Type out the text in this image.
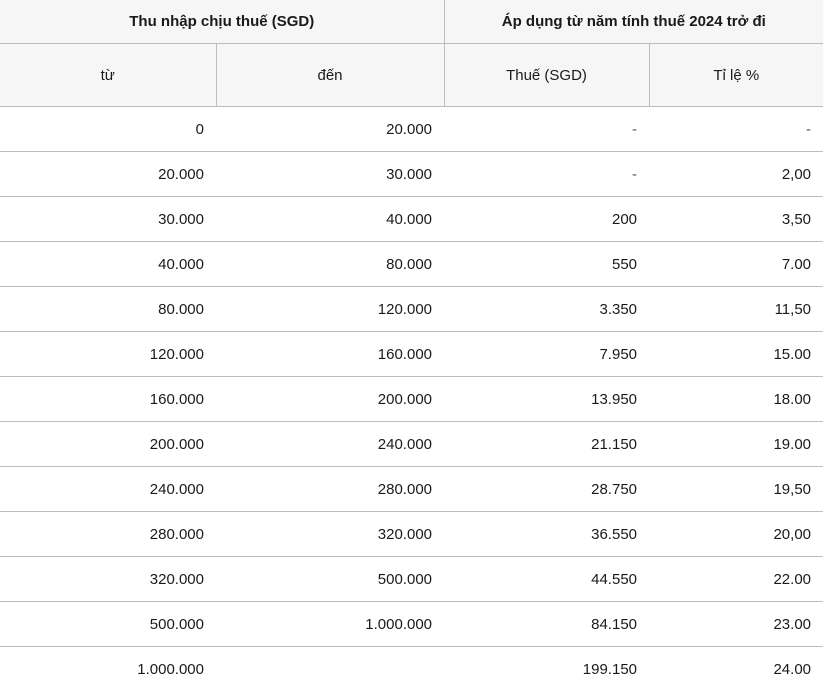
Thu nhập chịu thuế (SGD)		Áp dụng từ năm tính thuế 2024 trở đi	
từ	đến	Thuế (SGD)	Tỉ lệ %
0	20.000	-	-
20.000	30.000	-	2,00
30.000	40.000	200	3,50
40.000	80.000	550	7.00
80.000	120.000	3.350	11,50
120.000	160.000	7.950	15.00
160.000	200.000	13.950	18.00
200.000	240.000	21.150	19.00
240.000	280.000	28.750	19,50
280.000	320.000	36.550	20,00
320.000	500.000	44.550	22.00
500.000	1.000.000	84.150	23.00
1.000.000		199.150	24.00
